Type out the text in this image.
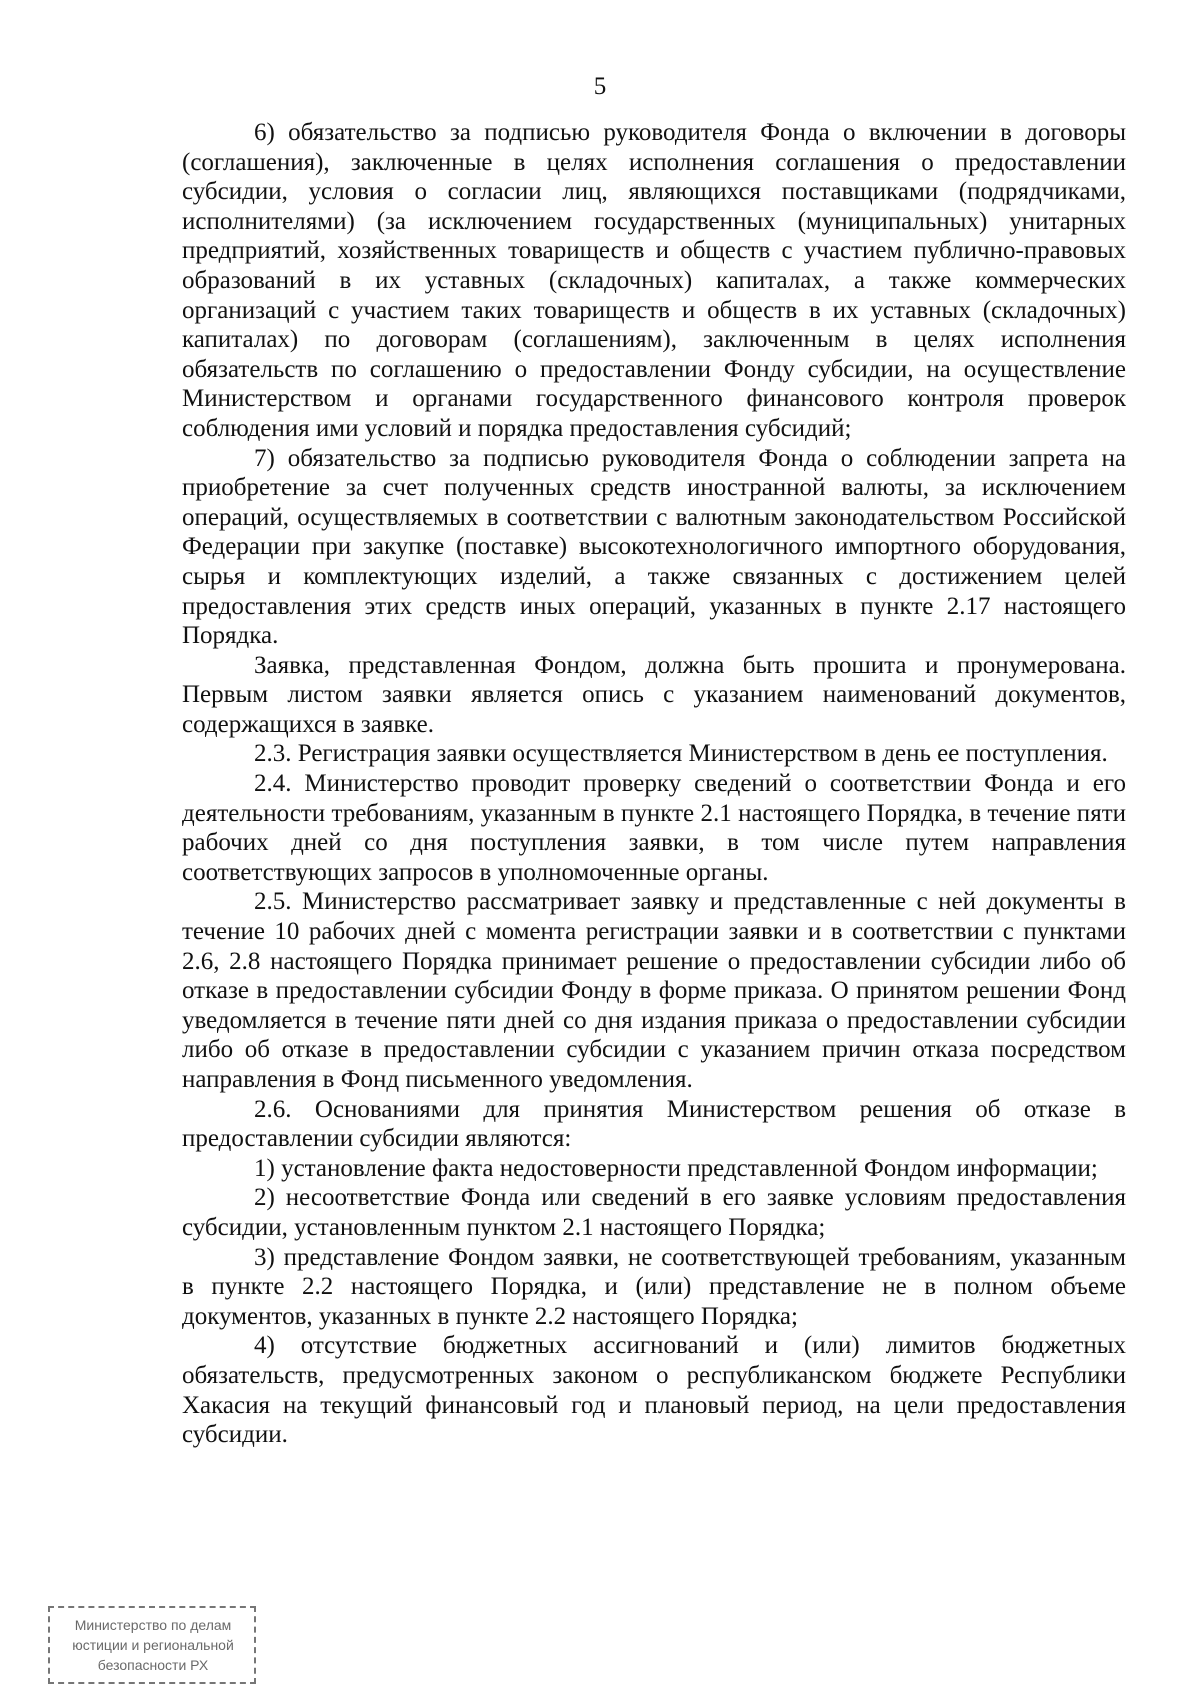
5

6) обязательство за подписью руководителя Фонда о включении в договоры (соглашения), заключенные в целях исполнения соглашения о предоставлении субсидии, условия о согласии лиц, являющихся поставщиками (подрядчиками, исполнителями) (за исключением государственных (муниципальных) унитарных предприятий, хозяйственных товариществ и обществ с участием публично-правовых образований в их уставных (складочных) капиталах, а также коммерческих организаций с участием таких товариществ и обществ в их уставных (складочных) капиталах) по договорам (соглашениям), заключенным в целях исполнения обязательств по соглашению о предоставлении Фонду субсидии, на осуществление Министерством и органами государственного финансового контроля проверок соблюдения ими условий и порядка предоставления субсидий;

7) обязательство за подписью руководителя Фонда о соблюдении запрета на приобретение за счет полученных средств иностранной валюты, за исключением операций, осуществляемых в соответствии с валютным законодательством Российской Федерации при закупке (поставке) высокотехнологичного импортного оборудования, сырья и комплектующих изделий, а также связанных с достижением целей предоставления этих средств иных операций, указанных в пункте 2.17 настоящего Порядка.

Заявка, представленная Фондом, должна быть прошита и пронумерована. Первым листом заявки является опись с указанием наименований документов, содержащихся в заявке.

2.3. Регистрация заявки осуществляется Министерством в день ее поступления.

2.4. Министерство проводит проверку сведений о соответствии Фонда и его деятельности требованиям, указанным в пункте 2.1 настоящего Порядка, в течение пяти рабочих дней со дня поступления заявки, в том числе путем направления соответствующих запросов в уполномоченные органы.

2.5. Министерство рассматривает заявку и представленные с ней документы в течение 10 рабочих дней с момента регистрации заявки и в соответствии с пунктами 2.6, 2.8 настоящего Порядка принимает решение о предоставлении субсидии либо об отказе в предоставлении субсидии Фонду в форме приказа. О принятом решении Фонд уведомляется в течение пяти дней со дня издания приказа о предоставлении субсидии либо об отказе в предоставлении субсидии с указанием причин отказа посредством направления в Фонд письменного уведомления.

2.6. Основаниями для принятия Министерством решения об отказе в предоставлении субсидии являются:

1) установление факта недостоверности представленной Фондом информации;

2) несоответствие Фонда или сведений в его заявке условиям предоставления субсидии, установленным пунктом 2.1 настоящего Порядка;

3) представление Фондом заявки, не соответствующей требованиям, указанным в пункте 2.2 настоящего Порядка, и (или) представление не в полном объеме документов, указанных в пункте 2.2 настоящего Порядка;

4) отсутствие бюджетных ассигнований и (или) лимитов бюджетных обязательств, предусмотренных законом о республиканском бюджете Республики Хакасия на текущий финансовый год и плановый период, на цели предоставления субсидии.

Министерство по делам
юстиции и региональной
безопасности РХ
